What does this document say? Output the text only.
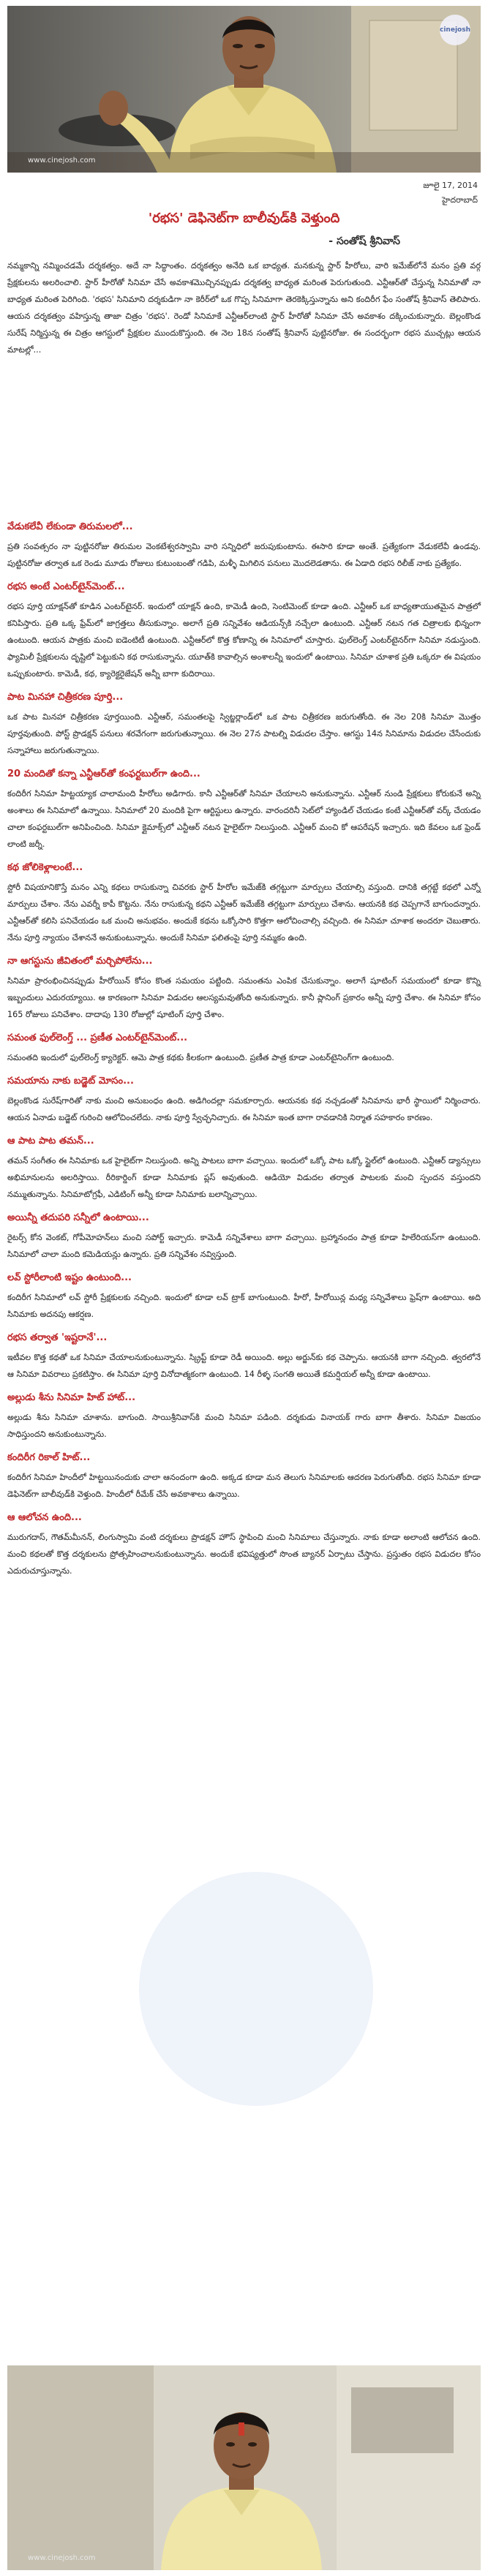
www.cinejosh.com
cinejosh
జూలై 17, 2014
హైదరాబాద్
'రభస' డెఫినెట్‌గా బాలీవుడ్‌కి వెళ్తుంది
- సంతోష్ శ్రీనివాస్

నమ్మకాన్ని నమ్మించడమే దర్శకత్వం. అదే నా సిద్ధాంతం. దర్శకత్వం అనేది ఒక బాధ్యత. మనకున్న స్టార్ హీరోలు, వారి ఇమేజ్‌లోనే మనం ప్రతి వర్గ ప్రేక్షకులను అలరించాలి. స్టార్ హీరోతో సినిమా చేసే అవకాశమొచ్చినప్పుడు దర్శకత్వ బాధ్యత మరింత పెరుగుతుంది. ఎన్టీఆర్‌తో చేస్తున్న సినిమాతో నా బాధ్యత మరింత పెరిగింది. 'రభస' సినిమాని దర్శకుడిగా నా కెరీర్‌లో ఒక గొప్ప సినిమాగా తెరకెక్కిస్తున్నాను అని కందిరీగ ఫేం సంతోష్ శ్రీనివాస్ తెలిపారు. ఆయన దర్శకత్వం వహిస్తున్న తాజా చిత్రం 'రభస'. రెండో సినిమాకే ఎన్టీఆర్‌లాంటి స్టార్ హీరోతో సినిమా చేసే అవకాశం దక్కించుకున్నారు. బెల్లంకొండ సురేష్ నిర్మిస్తున్న ఈ చిత్రం ఆగస్టులో ప్రేక్షకుల ముందుకొస్తుంది. ఈ నెల 18న సంతోష్ శ్రీనివాస్ పుట్టినరోజు. ఈ సందర్భంగా రభస ముచ్చట్లు ఆయన మాటల్లో...

వేడుకలేవీ లేకుండా తిరుమలలో...

ప్రతి సంవత్సరం నా పుట్టినరోజు తిరుమల వెంకటేశ్వరస్వామి వారి సన్నిధిలో జరుపుకుంటాను. ఈసారి కూడా అంతే. ప్రత్యేకంగా వేడుకలేవీ ఉండవు. పుట్టినరోజు తర్వాత ఒక రెండు మూడు రోజులు కుటుంబంతో గడిపి, మళ్ళీ మిగిలిన పనులు మొదలెడతాను. ఈ ఏడాది రభస రిలీజ్ నాకు ప్రత్యేకం.

రభస అంటే ఎంటర్‌టైన్‌మెంట్...

రభస పూర్తి యాక్షన్‌తో కూడిన ఎంటర్‌టైనర్. ఇందులో యాక్షన్ ఉంది, కామెడీ ఉంది, సెంటిమెంట్ కూడా ఉంది. ఎన్టీఆర్ ఒక బాధ్యతాయుతమైన పాత్రలో కనిపిస్తారు. ప్రతి ఒక్క ఫ్రేమ్‌లో జాగ్రత్తలు తీసుకున్నాం. అలాగే ప్రతి సన్నివేశం ఆడియన్స్‌కి నచ్చేలా ఉంటుంది. ఎన్టీఆర్ నటన గత చిత్రాలకు భిన్నంగా ఉంటుంది. ఆయన పాత్రకు మంచి ఐడెంటిటీ ఉంటుంది. ఎన్టీఆర్‌లో కొత్త కోణాన్ని ఈ సినిమాలో చూస్తారు. ఫుల్‌లెంగ్త్ ఎంటర్‌టైనర్‌గా సినిమా నడుస్తుంది. ఫ్యామిలీ ప్రేక్షకులను దృష్టిలో పెట్టుకుని కథ రాసుకున్నాను. యూత్‌కి కావాల్సిన అంశాలన్నీ ఇందులో ఉంటాయి. సినిమా చూశాక ప్రతి ఒక్కరూ ఈ విషయం ఒప్పుకుంటారు. కామెడీ, కథ, క్యారెక్టరైజేషన్ అన్నీ బాగా కుదిరాయి.

పాట మినహా చిత్రీకరణ పూర్తి...

ఒక పాట మినహా చిత్రీకరణ పూర్తయింది. ఎన్టీఆర్, సమంతలపై స్విట్జర్లాండ్‌లో ఒక పాట చిత్రీకరణ జరుగుతోంది. ఈ నెల 20కి సినిమా మొత్తం పూర్తవుతుంది. పోస్ట్ ప్రొడక్షన్ పనులు శరవేగంగా జరుగుతున్నాయి. ఈ నెల 27న పాటల్ని విడుదల చేస్తాం. ఆగస్టు 14న సినిమాను విడుదల చేసేందుకు సన్నాహాలు జరుగుతున్నాయి.

20 మందితో కన్నా ఎన్టీఆర్‌తో కంఫర్టబుల్‌గా ఉంది...

కందిరీగ సినిమా హిట్టయ్యాక చాలామంది హీరోలు అడిగారు. కానీ ఎన్టీఆర్‌తో సినిమా చేయాలని అనుకున్నాను. ఎన్టీఆర్ నుండి ప్రేక్షకులు కోరుకునే అన్ని అంశాలు ఈ సినిమాలో ఉన్నాయి. సినిమాలో 20 మందికి పైగా ఆర్టిస్టులు ఉన్నారు. వారందరినీ సెట్‌లో హ్యాండిల్ చేయడం కంటే ఎన్టీఆర్‌తో వర్క్ చేయడం చాలా కంఫర్టబుల్‌గా అనిపించింది. సినిమా క్లైమాక్స్‌లో ఎన్టీఆర్ నటన హైలైట్‌గా నిలుస్తుంది. ఎన్టీఆర్ మంచి కో ఆపరేషన్ ఇచ్చారు. ఇది కేవలం ఒక ఫ్రెండ్ లాంటి జర్నీ.

కథ జోలికెళ్లాలంటే...

స్టోరీ విషయానికొస్తే మనం ఎన్ని కథలు రాసుకున్నా చివరకు స్టార్ హీరోల ఇమేజ్‌కి తగ్గట్టుగా మార్పులు చేయాల్సి వస్తుంది. దానికి తగ్గట్టే కథలో ఎన్నో మార్పులు చేశాం. నేను ఎవర్నీ కాపీ కొట్టను. నేను రాసుకున్న కథని ఎన్టీఆర్ ఇమేజ్‌కి తగ్గట్టుగా మార్పులు చేశాను. ఆయనకి కథ చెప్పగానే బాగుందన్నారు. ఎన్టీఆర్‌తో కలిసి పనిచేయడం ఒక మంచి అనుభవం. అందుకే కథను ఒక్కోసారి కొత్తగా ఆలోచించాల్సి వచ్చింది. ఈ సినిమా చూశాక అందరూ చెబుతారు. నేను పూర్తి న్యాయం చేశాననే అనుకుంటున్నాను. అందుకే సినిమా ఫలితంపై పూర్తి నమ్మకం ఉంది.

నా ఆగస్టును జీవితంలో మర్చిపోలేను...

సినిమా ప్రారంభించినప్పుడు హీరోయిన్‌ కోసం కొంత సమయం పట్టింది. సమంతను ఎంపిక చేసుకున్నాం. అలాగే షూటింగ్ సమయంలో కూడా కొన్ని ఇబ్బందులు ఎదురయ్యాయి. ఆ కారణంగా సినిమా విడుదల ఆలస్యమవుతోంది అనుకున్నారు. కానీ ప్లానింగ్ ప్రకారం అన్నీ పూర్తి చేశాం. ఈ సినిమా కోసం 165 రోజులు పనిచేశాం. దాదాపు 130 రోజుల్లో షూటింగ్ పూర్తి చేశాం.

సమంత ఫుల్‌లెంగ్త్ ... ప్రణీత ఎంటర్‌టైన్‌మెంట్...

సమంతది ఇందులో ఫుల్‌లెంగ్త్ క్యారెక్టర్. ఆమె పాత్ర కథకు కీలకంగా ఉంటుంది. ప్రణీత పాత్ర కూడా ఎంటర్‌టైనింగ్‌గా ఉంటుంది.

సమయాను నాకు బడ్జెట్ మోసం...

బెల్లంకొండ సురేష్‌గారితో నాకు మంచి అనుబంధం ఉంది. అడిగిందల్లా సమకూర్చారు. ఆయనకు కథ నచ్చడంతో సినిమాను భారీ స్థాయిలో నిర్మించారు. ఆయన ఏనాడు బడ్జెట్ గురించి ఆలోచించలేదు. నాకు పూర్తి స్వేచ్ఛనిచ్చారు. ఈ సినిమా ఇంత బాగా రావడానికి నిర్మాత సహకారం కారణం.

ఆ పాట పాట తమన్...

తమన్ సంగీతం ఈ సినిమాకు ఒక హైలైట్‌గా నిలుస్తుంది. అన్ని పాటలు బాగా వచ్చాయి. ఇందులో ఒక్కో పాట ఒక్కో స్టైల్‌లో ఉంటుంది. ఎన్టీఆర్ డ్యాన్సులు అభిమానులను అలరిస్తాయి. రీరికార్డింగ్ కూడా సినిమాకు ప్లస్ అవుతుంది. ఆడియో విడుదల తర్వాత పాటలకు మంచి స్పందన వస్తుందని నమ్ముతున్నాను. సినిమాటోగ్రఫీ, ఎడిటింగ్ అన్నీ కూడా సినిమాకు బలాన్నిచ్చాయి.

అయిన్నీ తదుపరి సన్నీలో ఉంటాయి...

రైటర్స్ కోన వెంకట్, గోపీమోహన్‌లు మంచి సపోర్ట్ ఇచ్చారు. కామెడీ సన్నివేశాలు బాగా వచ్చాయి. బ్రహ్మానందం పాత్ర కూడా హిలేరియస్‌గా ఉంటుంది. సినిమాలో చాలా మంది కమెడియన్లు ఉన్నారు. ప్రతి సన్నివేశం నవ్విస్తుంది.

లవ్ స్టోరీలాంటి ఇష్టం ఉంటుంది...

కందిరీగ సినిమాలో లవ్ స్టోరీ ప్రేక్షకులకు నచ్చింది. ఇందులో కూడా లవ్ ట్రాక్ బాగుంటుంది. హీరో, హీరోయిన్ల మధ్య సన్నివేశాలు ఫ్రెష్‌గా ఉంటాయి. అది సినిమాకు అదనపు ఆకర్షణ.

రభస తర్వాత 'ఇష్టరానే'...

ఇటీవల కొత్త కథతో ఒక సినిమా చేయాలనుకుంటున్నాను. స్క్రిప్ట్ కూడా రెడీ అయింది. అల్లు అర్జున్‌కు కథ చెప్పాను. ఆయనకి బాగా నచ్చింది. త్వరలోనే ఆ సినిమా వివరాలు ప్రకటిస్తాం. ఈ సినిమా పూర్తి వినోదాత్మకంగా ఉంటుంది. 14 రీళ్ళ సంగతి అయితే కమర్షియల్ అన్నీ కూడా ఉంటాయి.

అల్లుడు శీను సినిమా హిట్ హాట్...

అల్లుడు శీను సినిమా చూశాను. బాగుంది. సాయిశ్రీనివాస్‌కి మంచి సినిమా పడింది. దర్శకుడు వినాయక్ గారు బాగా తీశారు. సినిమా విజయం సాధిస్తుందని అనుకుంటున్నాను.

కందిరీగ రికాల్ హిట్...

కందిరీగ సినిమా హిందీలో హిట్టయినందుకు చాలా ఆనందంగా ఉంది. అక్కడ కూడా మన తెలుగు సినిమాలకు ఆదరణ పెరుగుతోంది. రభస సినిమా కూడా డెఫినెట్‌గా బాలీవుడ్‌కి వెళ్తుంది. హిందీలో రీమేక్ చేసే అవకాశాలు ఉన్నాయి.

ఆ ఆలోచన ఉంది...

మురుగదాస్, గౌతమ్‌మీనన్, లింగుస్వామి వంటి దర్శకులు ప్రొడక్షన్ హౌస్ స్థాపించి మంచి సినిమాలు చేస్తున్నారు. నాకు కూడా అలాంటి ఆలోచన ఉంది. మంచి కథలతో కొత్త దర్శకులను ప్రోత్సహించాలనుకుంటున్నాను. అందుకే భవిష్యత్తులో సొంత బ్యానర్ ఏర్పాటు చేస్తాను. ప్రస్తుతం రభస విడుదల కోసం ఎదురుచూస్తున్నాను.

www.cinejosh.com
